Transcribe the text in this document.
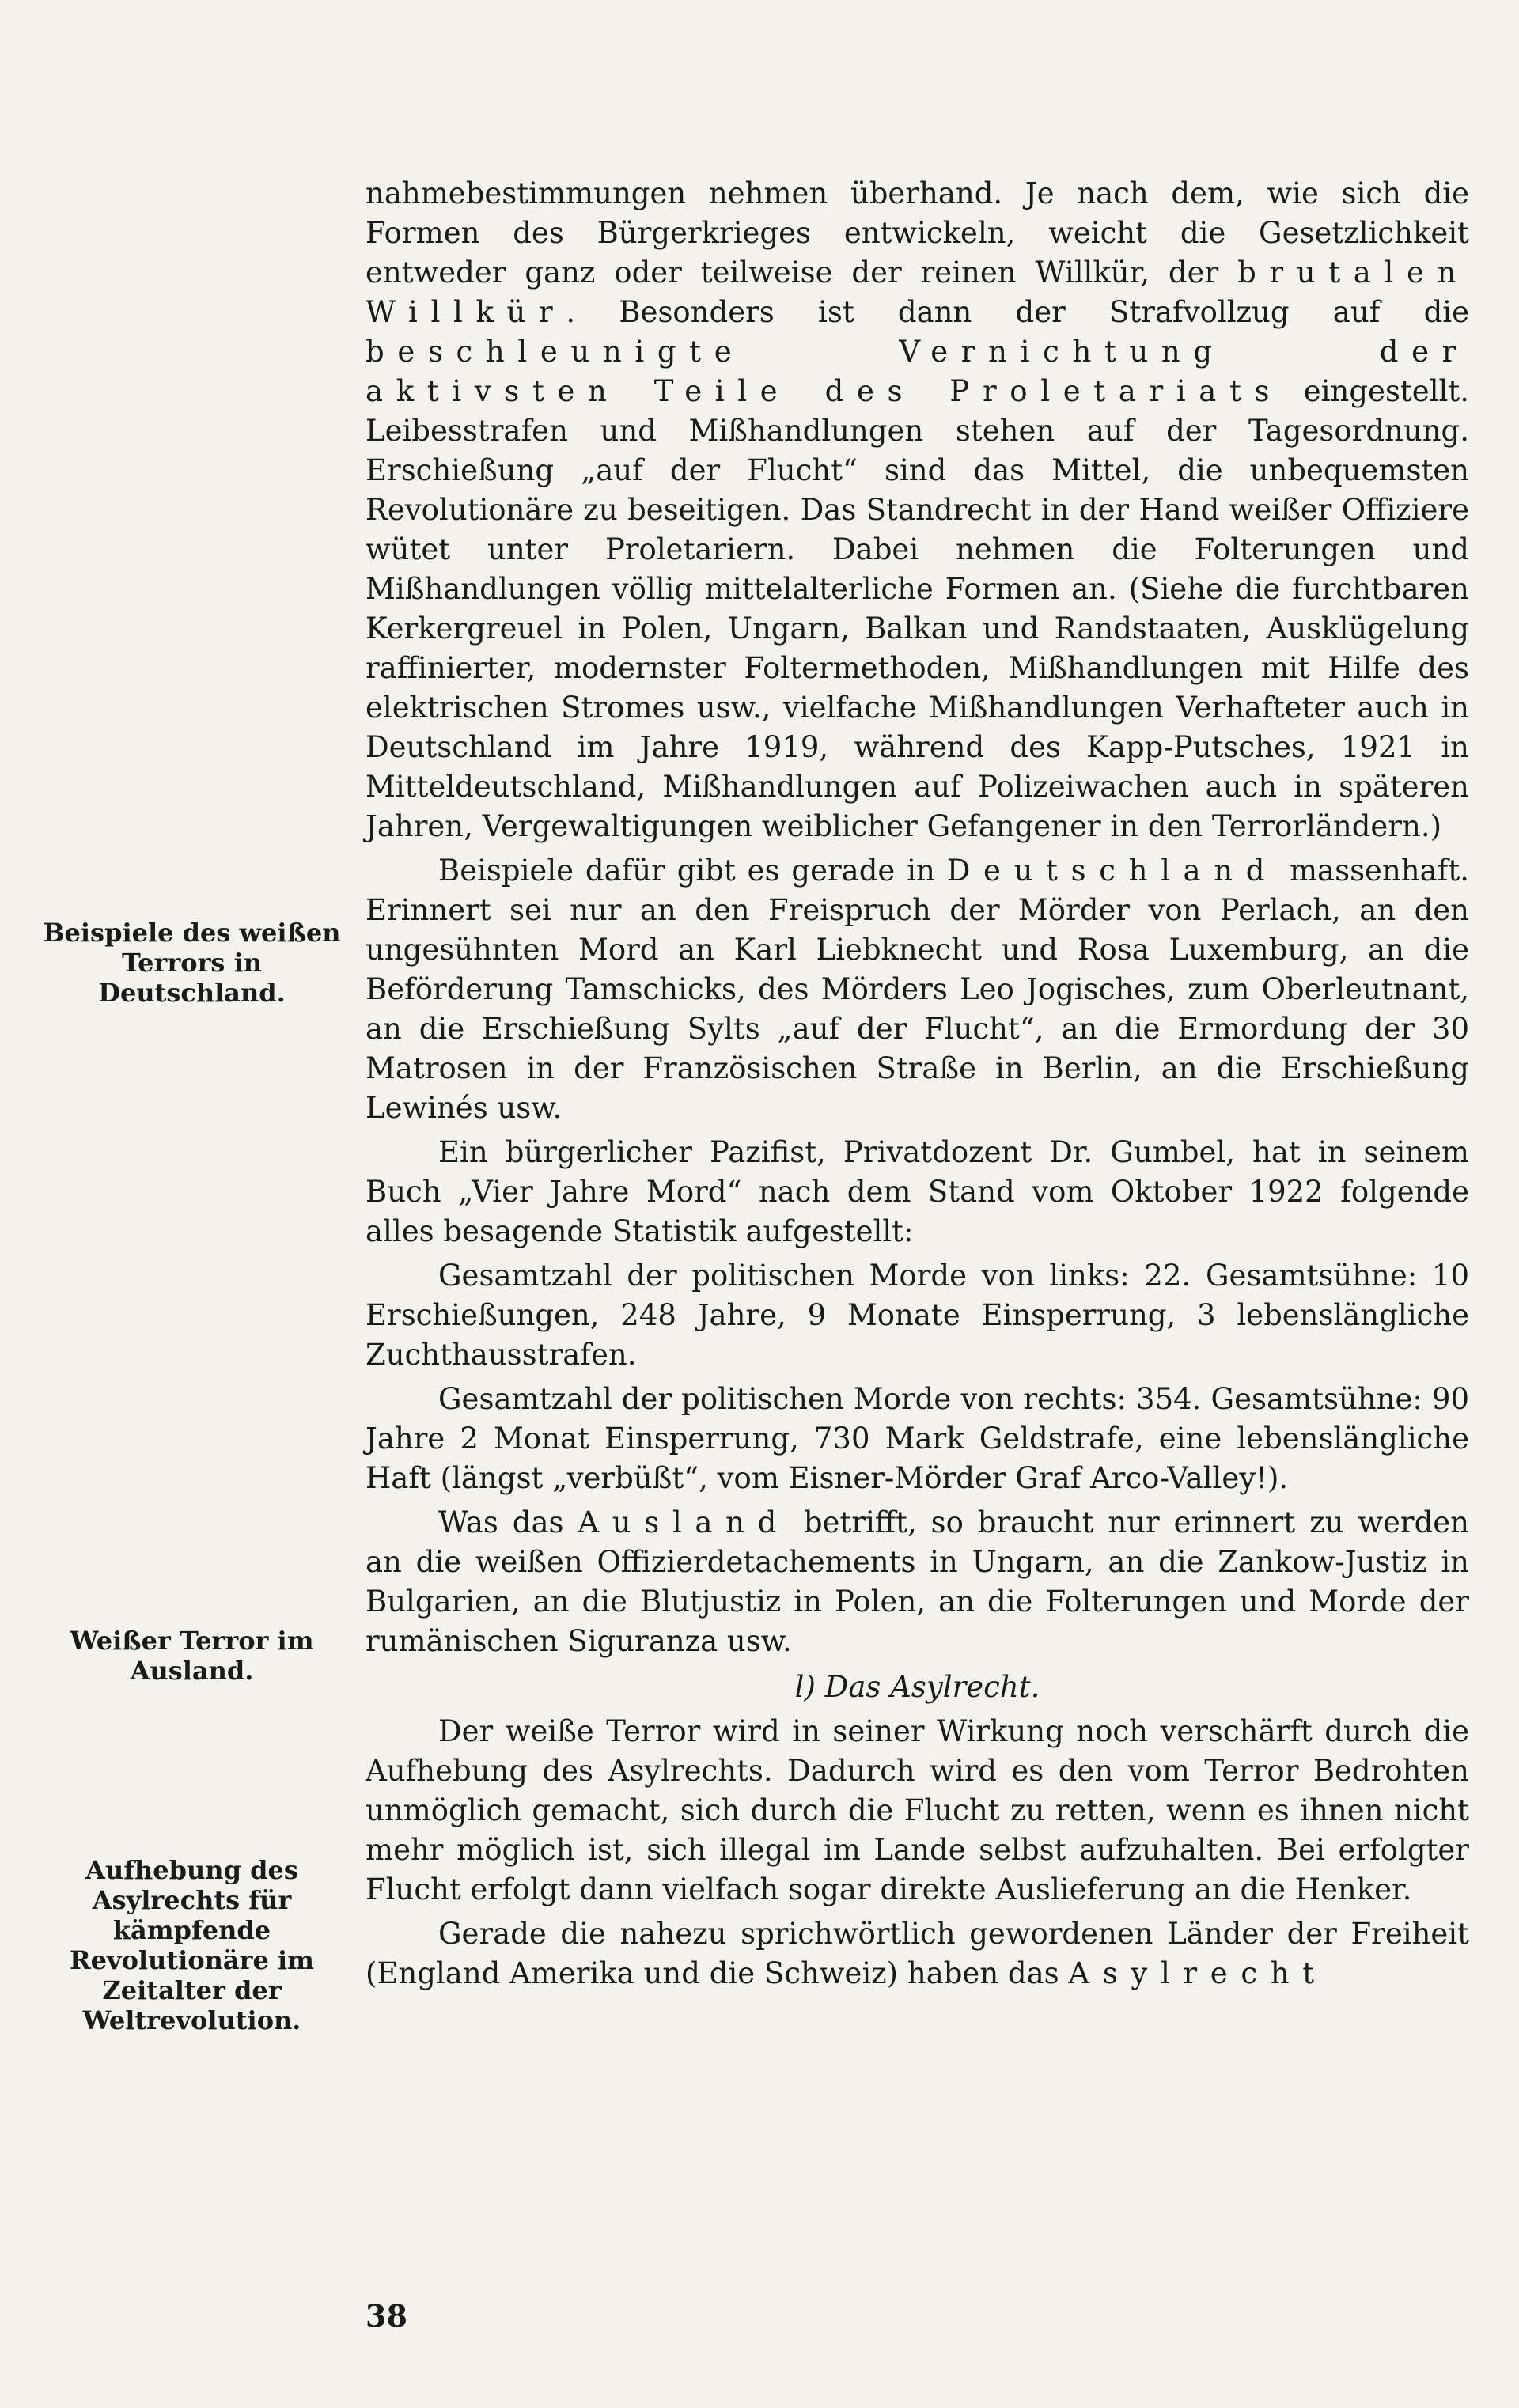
nahmebestimmungen nehmen überhand. Je nach dem, wie sich die Formen des Bürgerkrieges entwickeln, weicht die Gesetzlichkeit entweder ganz oder teilweise der reinen Willkür, der brutalen Willkür. Besonders ist dann der Strafvollzug auf die beschleunigte Vernichtung der aktivsten Teile des Proletariats eingestellt. Leibesstrafen und Mißhandlungen stehen auf der Tagesordnung. Erschießung „auf der Flucht“ sind das Mittel, die unbequemsten Revolutionäre zu beseitigen. Das Standrecht in der Hand weißer Offiziere wütet unter Proletariern. Dabei nehmen die Folterungen und Mißhandlungen völlig mittelalterliche Formen an. (Siehe die furchtbaren Kerkergreuel in Polen, Ungarn, Balkan und Randstaaten, Ausklügelung raffinierter, modernster Foltermethoden, Mißhandlungen mit Hilfe des elektrischen Stromes usw., vielfache Mißhandlungen Verhafteter auch in Deutschland im Jahre 1919, während des Kapp-Putsches, 1921 in Mitteldeutschland, Mißhandlungen auf Polizeiwachen auch in späteren Jahren, Vergewaltigungen weiblicher Gefangener in den Terrorländern.)

Beispiele dafür gibt es gerade in Deutschland massenhaft. Erinnert sei nur an den Freispruch der Mörder von Perlach, an den ungesühnten Mord an Karl Liebknecht und Rosa Luxemburg, an die Beförderung Tamschicks, des Mörders Leo Jogisches, zum Oberleutnant, an die Erschießung Sylts „auf der Flucht“, an die Ermordung der 30 Matrosen in der Französischen Straße in Berlin, an die Erschießung Lewinés usw.

Ein bürgerlicher Pazifist, Privatdozent Dr. Gumbel, hat in seinem Buch „Vier Jahre Mord“ nach dem Stand vom Oktober 1922 folgende alles besagende Statistik aufgestellt:

Gesamtzahl der politischen Morde von links: 22. Gesamtsühne: 10 Erschießungen, 248 Jahre, 9 Monate Einsperrung, 3 lebenslängliche Zuchthausstrafen.

Gesamtzahl der politischen Morde von rechts: 354. Gesamtsühne: 90 Jahre 2 Monat Einsperrung, 730 Mark Geldstrafe, eine lebenslängliche Haft (längst „verbüßt“, vom Eisner-Mörder Graf Arco-Valley!).

Was das Ausland betrifft, so braucht nur erinnert zu werden an die weißen Offizierdetachements in Ungarn, an die Zankow-Justiz in Bulgarien, an die Blutjustiz in Polen, an die Folterungen und Morde der rumänischen Siguranza usw.

l) Das Asylrecht.

Der weiße Terror wird in seiner Wirkung noch verschärft durch die Aufhebung des Asylrechts. Dadurch wird es den vom Terror Bedrohten unmöglich gemacht, sich durch die Flucht zu retten, wenn es ihnen nicht mehr möglich ist, sich illegal im Lande selbst aufzuhalten. Bei erfolgter Flucht erfolgt dann vielfach sogar direkte Auslieferung an die Henker.

Gerade die nahezu sprichwörtlich gewordenen Länder der Freiheit (England Amerika und die Schweiz) haben das Asylrecht

Beispiele des weißen Terrors in Deutschland.
Weißer Terror im Ausland.
Aufhebung des Asylrechts für kämpfende Revolutionäre im Zeitalter der Weltrevolution.
38
